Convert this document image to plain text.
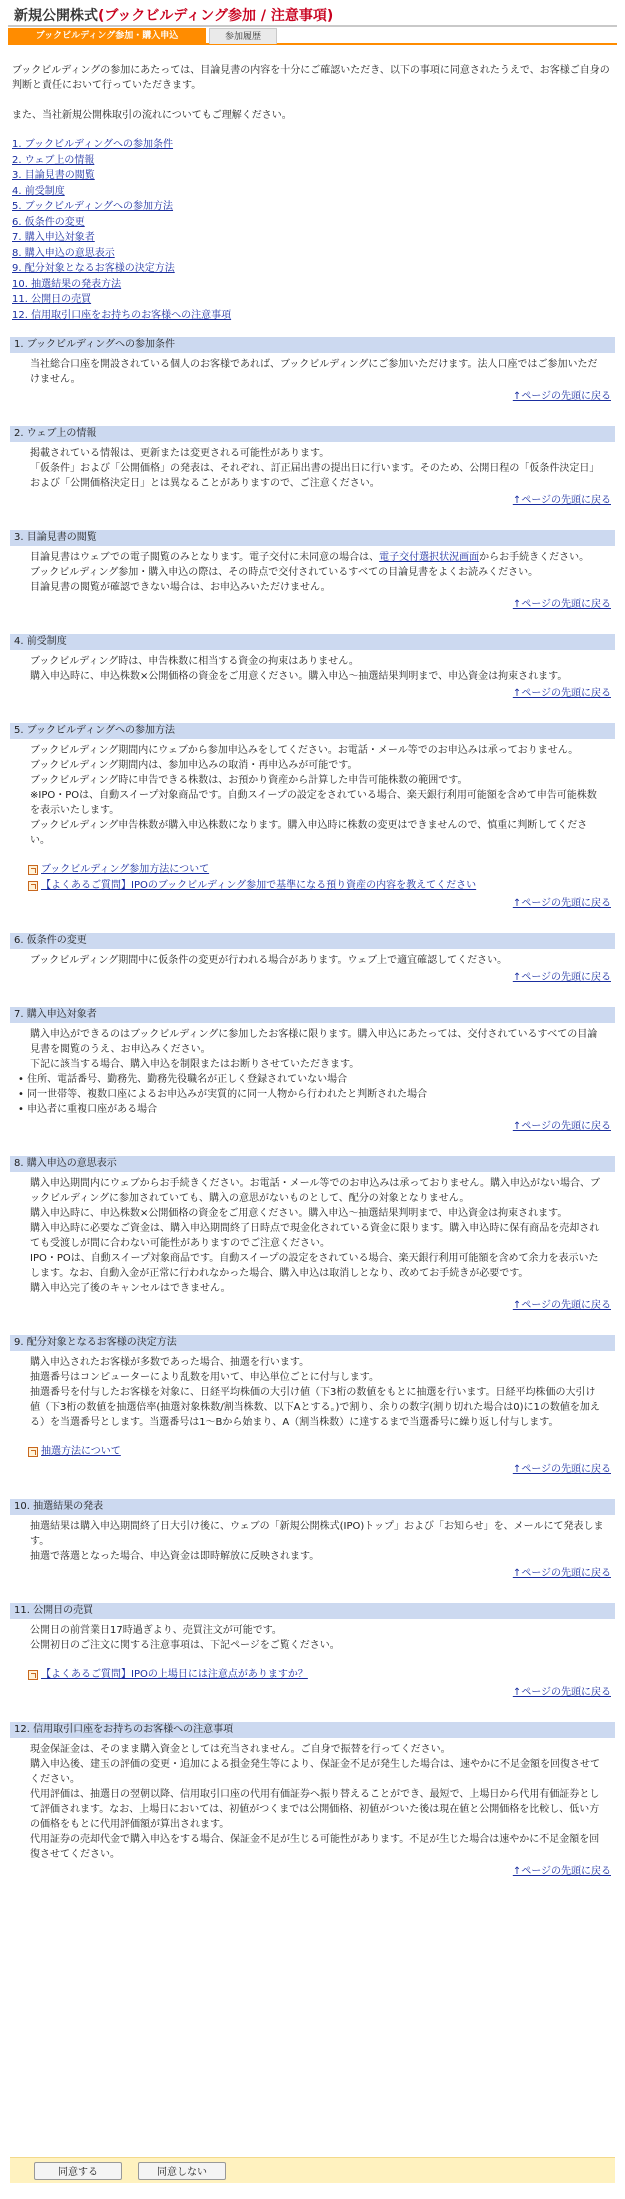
新規公開株式(ブックビルディング参加 / 注意事項)
ブックビルディング参加・購入申込	参加履歴

ブックビルディングの参加にあたっては、目論見書の内容を十分にご確認いただき、以下の事項に同意されたうえで、お客様ご自身の判断と責任において行っていただきます。

また、当社新規公開株取引の流れについてもご理解ください。

1. ブックビルディングへの参加条件
2. ウェブ上の情報
3. 目論見書の閲覧
4. 前受制度
5. ブックビルディングへの参加方法
6. 仮条件の変更
7. 購入申込対象者
8. 購入申込の意思表示
9. 配分対象となるお客様の決定方法
10. 抽選結果の発表方法
11. 公開日の売買
12. 信用取引口座をお持ちのお客様への注意事項
1. ブックビルディングへの参加条件

当社総合口座を開設されている個人のお客様であれば、ブックビルディングにご参加いただけます。法人口座ではご参加いただけません。

↑ページの先頭に戻る
2. ウェブ上の情報

掲載されている情報は、更新または変更される可能性があります。

「仮条件」および「公開価格」の発表は、それぞれ、訂正届出書の提出日に行います。そのため、公開日程の「仮条件決定日」および「公開価格決定日」とは異なることがありますので、ご注意ください。

↑ページの先頭に戻る
3. 目論見書の閲覧

目論見書はウェブでの電子閲覧のみとなります。電子交付に未同意の場合は、電子交付選択状況画面からお手続きください。

ブックビルディング参加・購入申込の際は、その時点で交付されているすべての目論見書をよくお読みください。

目論見書の閲覧が確認できない場合は、お申込みいただけません。

↑ページの先頭に戻る
4. 前受制度

ブックビルディング時は、申告株数に相当する資金の拘束はありません。

購入申込時に、申込株数×公開価格の資金をご用意ください。購入申込～抽選結果判明まで、申込資金は拘束されます。

↑ページの先頭に戻る
5. ブックビルディングへの参加方法

ブックビルディング期間内にウェブから参加申込みをしてください。お電話・メール等でのお申込みは承っておりません。

ブックビルディング期間内は、参加申込みの取消・再申込みが可能です。

ブックビルディング時に申告できる株数は、お預かり資産から計算した申告可能株数の範囲です。

※IPO・POは、自動スイープ対象商品です。自動スイープの設定をされている場合、楽天銀行利用可能額を含めて申告可能株数を表示いたします。

ブックビルディング申告株数が購入申込株数になります。購入申込時に株数の変更はできませんので、慎重に判断してください。

ブックビルディング参加方法について
【よくあるご質問】IPOのブックビルディング参加で基準になる預り資産の内容を教えてください
↑ページの先頭に戻る
6. 仮条件の変更

ブックビルディング期間中に仮条件の変更が行われる場合があります。ウェブ上で適宜確認してください。

↑ページの先頭に戻る
7. 購入申込対象者

購入申込ができるのはブックビルディングに参加したお客様に限ります。購入申込にあたっては、交付されているすべての目論見書を閲覧のうえ、お申込みください。

下記に該当する場合、購入申込を制限またはお断りさせていただきます。

• 住所、電話番号、勤務先、勤務先役職名が正しく登録されていない場合
• 同一世帯等、複数口座によるお申込みが実質的に同一人物から行われたと判断された場合
• 申込者に重複口座がある場合
↑ページの先頭に戻る
8. 購入申込の意思表示

購入申込期間内にウェブからお手続きください。お電話・メール等でのお申込みは承っておりません。購入申込がない場合、ブックビルディングに参加されていても、購入の意思がないものとして、配分の対象となりません。

購入申込時に、申込株数×公開価格の資金をご用意ください。購入申込～抽選結果判明まで、申込資金は拘束されます。

購入申込時に必要なご資金は、購入申込期間終了日時点で現金化されている資金に限ります。購入申込時に保有商品を売却されても受渡しが間に合わない可能性がありますのでご注意ください。

IPO・POは、自動スイープ対象商品です。自動スイープの設定をされている場合、楽天銀行利用可能額を含めて余力を表示いたします。なお、自動入金が正常に行われなかった場合、購入申込は取消しとなり、改めてお手続きが必要です。

購入申込完了後のキャンセルはできません。

↑ページの先頭に戻る
9. 配分対象となるお客様の決定方法

購入申込されたお客様が多数であった場合、抽選を行います。

抽選番号はコンピューターにより乱数を用いて、申込単位ごとに付与します。

抽選番号を付与したお客様を対象に、日経平均株価の大引け値（下3桁の数値をもとに抽選を行います。日経平均株価の大引け値（下3桁の数値を抽選倍率(抽選対象株数/割当株数、以下Aとする。)で割り、余りの数字(割り切れた場合は0)に1の数値を加える）を当選番号とします。当選番号は1～Bから始まり、A（割当株数）に達するまで当選番号に繰り返し付与します。

抽選方法について
↑ページの先頭に戻る
10. 抽選結果の発表

抽選結果は購入申込期間終了日大引け後に、ウェブの「新規公開株式(IPO)トップ」および「お知らせ」を、メールにて発表します。

抽選で落選となった場合、申込資金は即時解放に反映されます。

↑ページの先頭に戻る
11. 公開日の売買

公開日の前営業日17時過ぎより、売買注文が可能です。

公開初日のご注文に関する注意事項は、下記ページをご覧ください。

【よくあるご質問】IPOの上場日には注意点がありますか？
↑ページの先頭に戻る
12. 信用取引口座をお持ちのお客様への注意事項

現金保証金は、そのまま購入資金としては充当されません。ご自身で振替を行ってください。

購入申込後、建玉の評価の変更・追加による損金発生等により、保証金不足が発生した場合は、速やかに不足金額を回復させてください。

代用評価は、抽選日の翌朝以降、信用取引口座の代用有価証券へ振り替えることができ、最短で、上場日から代用有価証券として評価されます。なお、上場日においては、初値がつくまでは公開価格、初値がついた後は現在値と公開価格を比較し、低い方の価格をもとに代用評価額が算出されます。

代用証券の売却代金で購入申込をする場合、保証金不足が生じる可能性があります。不足が生じた場合は速やかに不足金額を回復させてください。

↑ページの先頭に戻る
同意する	同意しない
